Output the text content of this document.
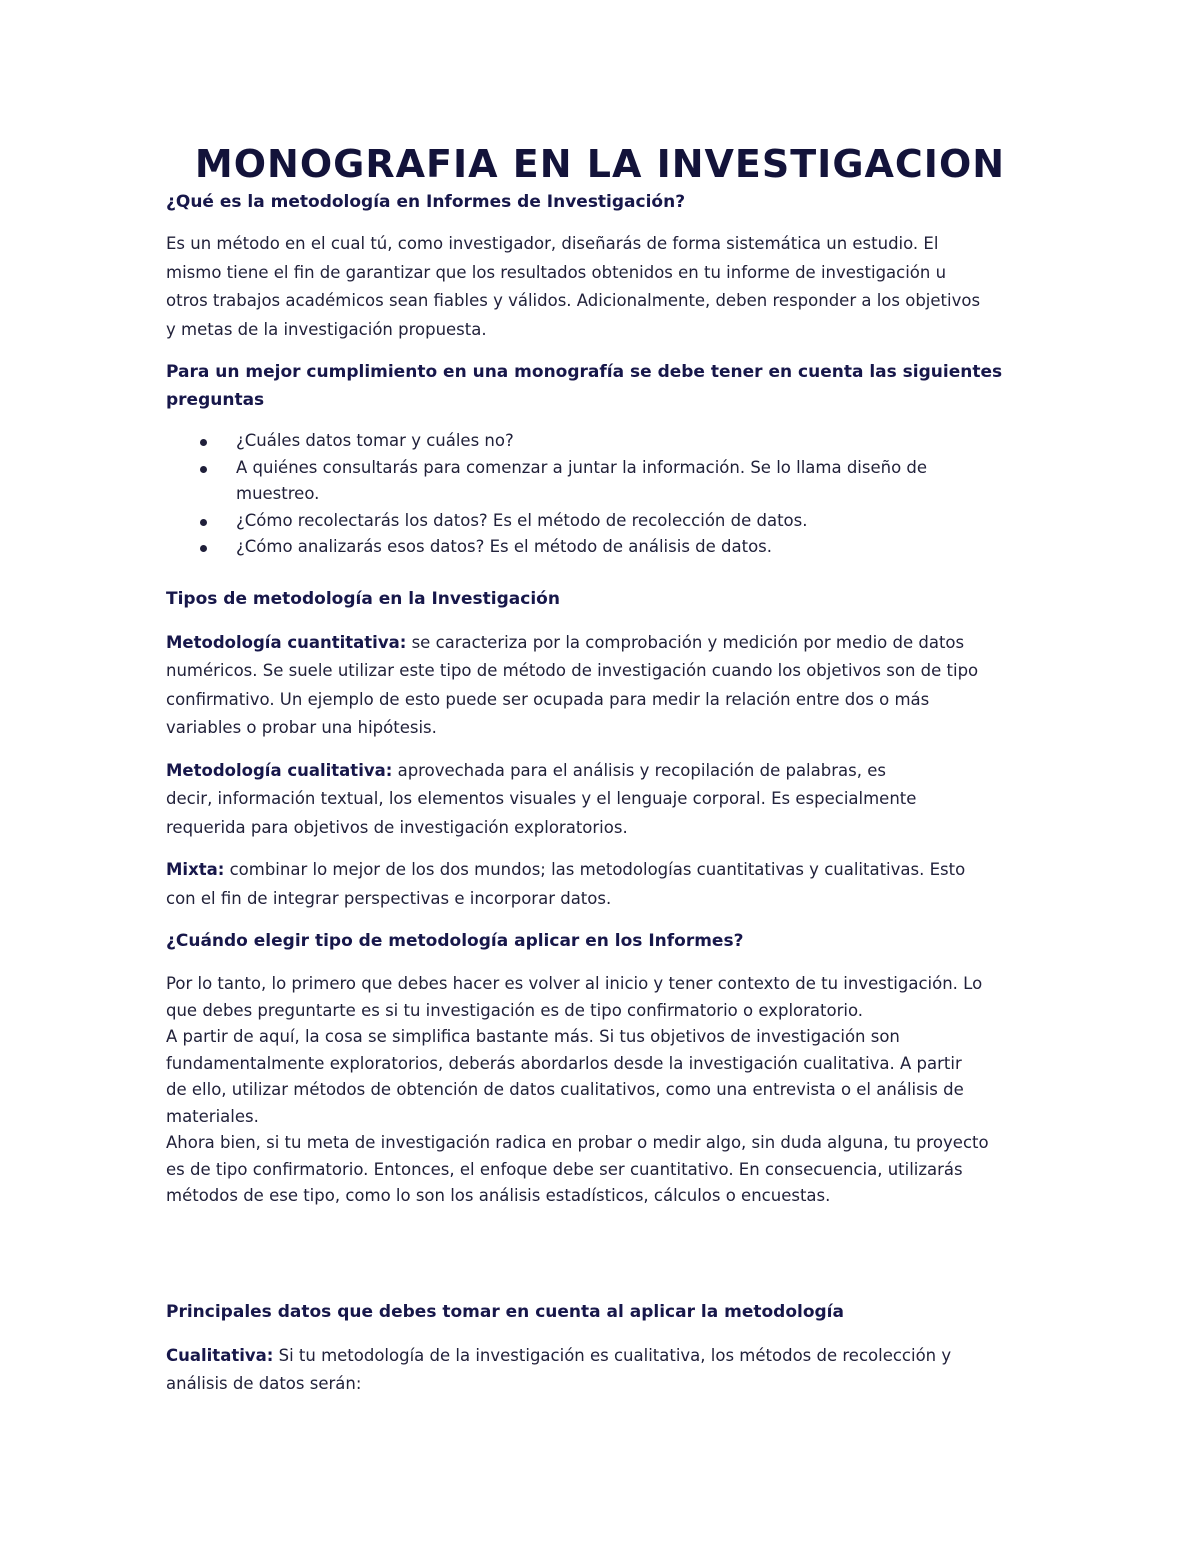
MONOGRAFIA EN LA INVESTIGACION

¿Qué es la metodología en Informes de Investigación?

Es un método en el cual tú, como investigador, diseñarás de forma sistemática un estudio. El
mismo tiene el fin de garantizar que los resultados obtenidos en tu informe de investigación u
otros trabajos académicos sean fiables y válidos. Adicionalmente, deben responder a los objetivos
y metas de la investigación propuesta.

Para un mejor cumplimiento en una monografía se debe tener en cuenta las siguientes
preguntas

¿Cuáles datos tomar y cuáles no?
A quiénes consultarás para comenzar a juntar la información. Se lo llama diseño de
muestreo.
¿Cómo recolectarás los datos? Es el método de recolección de datos.
¿Cómo analizarás esos datos? Es el método de análisis de datos.

Tipos de metodología en la Investigación

Metodología cuantitativa: se caracteriza por la comprobación y medición por medio de datos
numéricos. Se suele utilizar este tipo de método de investigación cuando los objetivos son de tipo
confirmativo. Un ejemplo de esto puede ser ocupada para medir la relación entre dos o más
variables o probar una hipótesis.

Metodología cualitativa: aprovechada para el análisis y recopilación de palabras, es
decir, información textual, los elementos visuales y el lenguaje corporal. Es especialmente
requerida para objetivos de investigación exploratorios.

Mixta: combinar lo mejor de los dos mundos; las metodologías cuantitativas y cualitativas. Esto
con el fin de integrar perspectivas e incorporar datos.

¿Cuándo elegir tipo de metodología aplicar en los Informes?

Por lo tanto, lo primero que debes hacer es volver al inicio y tener contexto de tu investigación. Lo
que debes preguntarte es si tu investigación es de tipo confirmatorio o exploratorio.
A partir de aquí, la cosa se simplifica bastante más. Si tus objetivos de investigación son
fundamentalmente exploratorios, deberás abordarlos desde la investigación cualitativa. A partir
de ello, utilizar métodos de obtención de datos cualitativos, como una entrevista o el análisis de
materiales.
Ahora bien, si tu meta de investigación radica en probar o medir algo, sin duda alguna, tu proyecto
es de tipo confirmatorio. Entonces, el enfoque debe ser cuantitativo. En consecuencia, utilizarás
métodos de ese tipo, como lo son los análisis estadísticos, cálculos o encuestas.

Principales datos que debes tomar en cuenta al aplicar la metodología

Cualitativa: Si tu metodología de la investigación es cualitativa, los métodos de recolección y
análisis de datos serán:
